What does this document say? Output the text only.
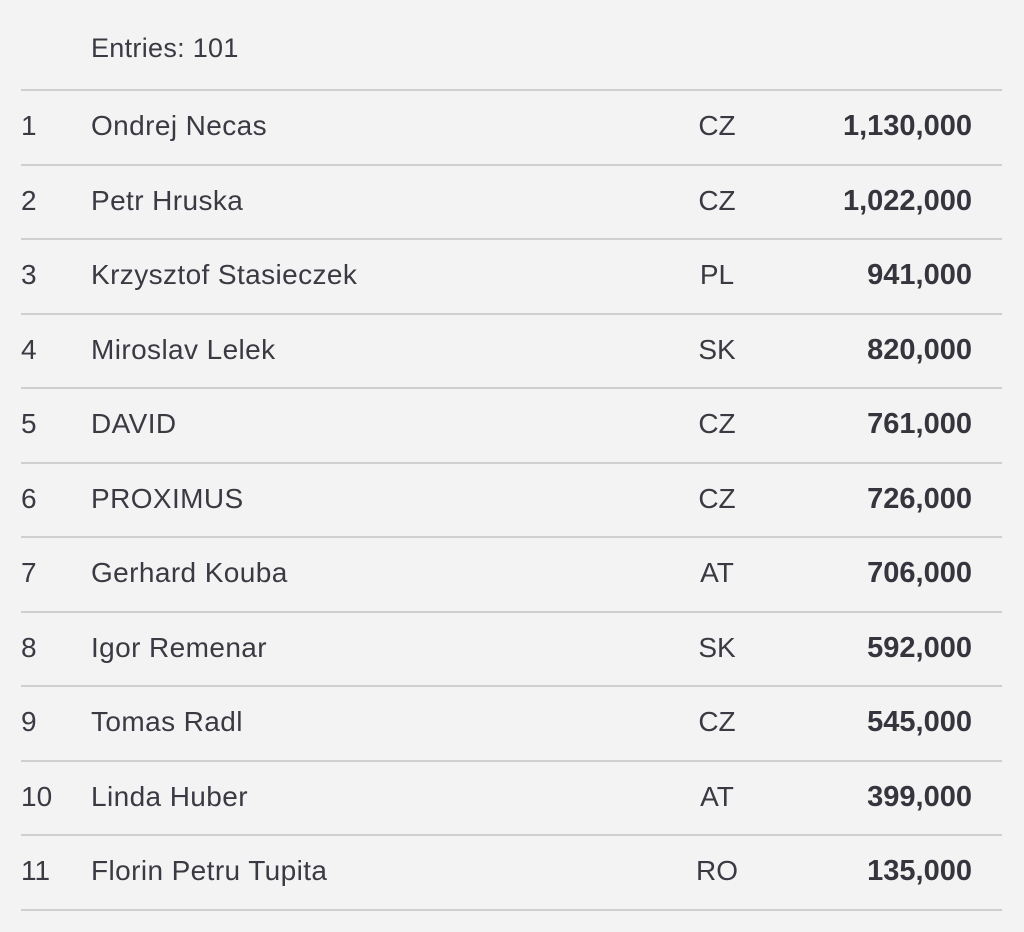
Entries: 101
1	Ondrej Necas	CZ	1,130,000
2	Petr Hruska	CZ	1,022,000
3	Krzysztof Stasieczek	PL	941,000
4	Miroslav Lelek	SK	820,000
5	DAVID	CZ	761,000
6	PROXIMUS	CZ	726,000
7	Gerhard Kouba	AT	706,000
8	Igor Remenar	SK	592,000
9	Tomas Radl	CZ	545,000
10	Linda Huber	AT	399,000
11	Florin Petru Tupita	RO	135,000
